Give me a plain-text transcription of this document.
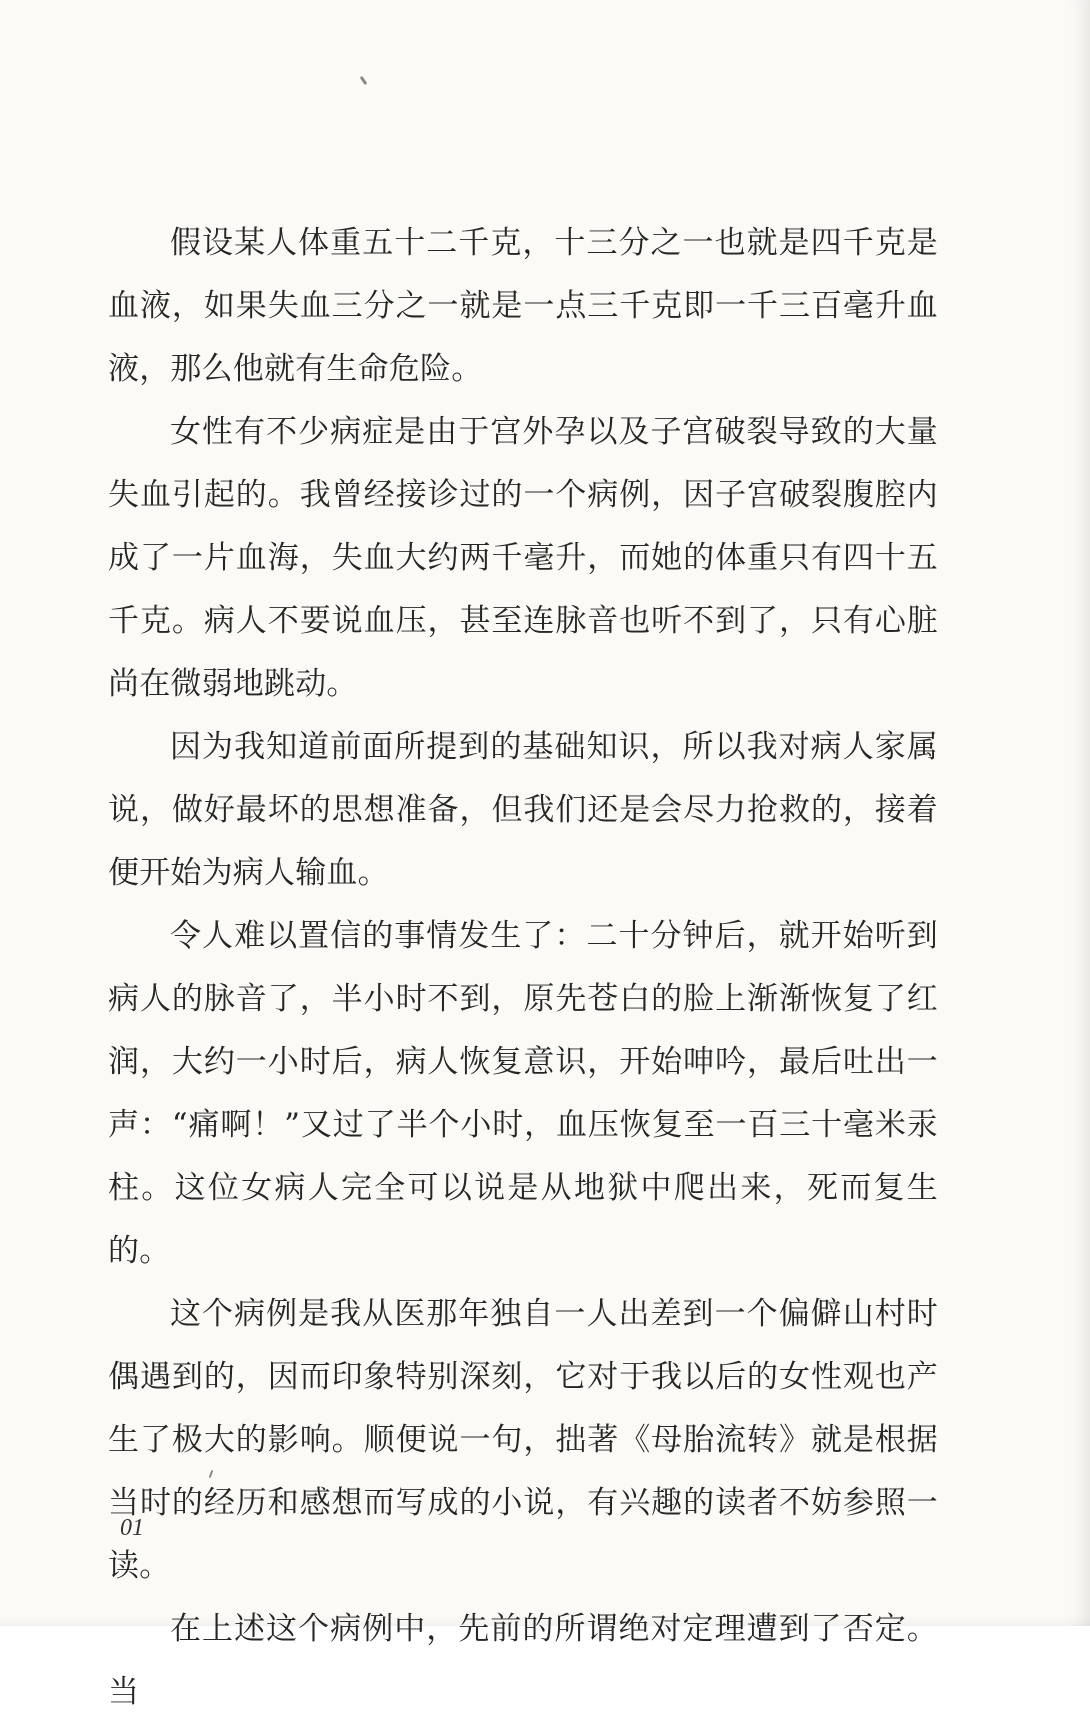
假设某人体重五十二千克，十三分之一也就是四千克是血液，如果失血三分之一就是一点三千克即一千三百毫升血液，那么他就有生命危险。

女性有不少病症是由于宫外孕以及子宫破裂导致的大量失血引起的。我曾经接诊过的一个病例，因子宫破裂腹腔内成了一片血海，失血大约两千毫升，而她的体重只有四十五千克。病人不要说血压，甚至连脉音也听不到了，只有心脏尚在微弱地跳动。

因为我知道前面所提到的基础知识，所以我对病人家属说，做好最坏的思想准备，但我们还是会尽力抢救的，接着便开始为病人输血。

令人难以置信的事情发生了：二十分钟后，就开始听到病人的脉音了，半小时不到，原先苍白的脸上渐渐恢复了红润，大约一小时后，病人恢复意识，开始呻吟，最后吐出一声：“痛啊！”又过了半个小时，血压恢复至一百三十毫米汞柱。这位女病人完全可以说是从地狱中爬出来，死而复生的。

这个病例是我从医那年独自一人出差到一个偏僻山村时偶遇到的，因而印象特别深刻，它对于我以后的女性观也产生了极大的影响。顺便说一句，拙著《母胎流转》就是根据当时的经历和感想而写成的小说，有兴趣的读者不妨参照一读。

在上述这个病例中，先前的所谓绝对定理遭到了否定。当

01
